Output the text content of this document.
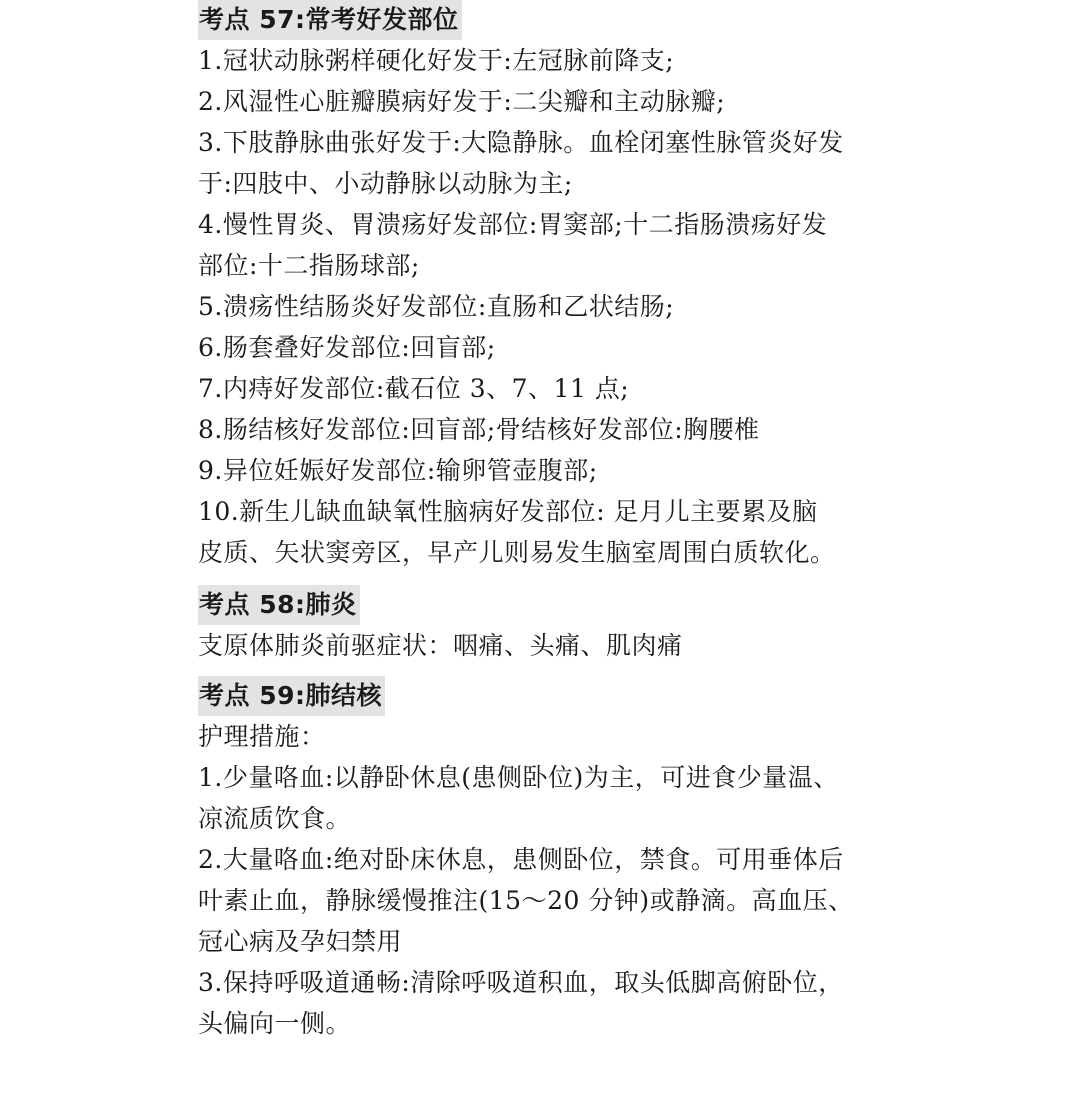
考点 57:常考好发部位
1.冠状动脉粥样硬化好发于:左冠脉前降支;
2.风湿性心脏瓣膜病好发于:二尖瓣和主动脉瓣;
3.下肢静脉曲张好发于:大隐静脉。血栓闭塞性脉管炎好发
于:四肢中、小动静脉以动脉为主;
4.慢性胃炎、胃溃疡好发部位:胃窦部;十二指肠溃疡好发
部位:十二指肠球部;
5.溃疡性结肠炎好发部位:直肠和乙状结肠;
6.肠套叠好发部位:回盲部;
7.内痔好发部位:截石位 3、7、11 点;
8.肠结核好发部位:回盲部;骨结核好发部位:胸腰椎
9.异位妊娠好发部位:输卵管壶腹部;
10.新生儿缺血缺氧性脑病好发部位: 足月儿主要累及脑
皮质、矢状窦旁区，早产儿则易发生脑室周围白质软化。
考点 58:肺炎
支原体肺炎前驱症状：咽痛、头痛、肌肉痛
考点 59:肺结核
护理措施：
1.少量咯血:以静卧休息(患侧卧位)为主，可进食少量温、
凉流质饮食。
2.大量咯血:绝对卧床休息，患侧卧位，禁食。可用垂体后
叶素止血，静脉缓慢推注(15～20 分钟)或静滴。高血压、
冠心病及孕妇禁用
3.保持呼吸道通畅:清除呼吸道积血，取头低脚高俯卧位，
头偏向一侧。
